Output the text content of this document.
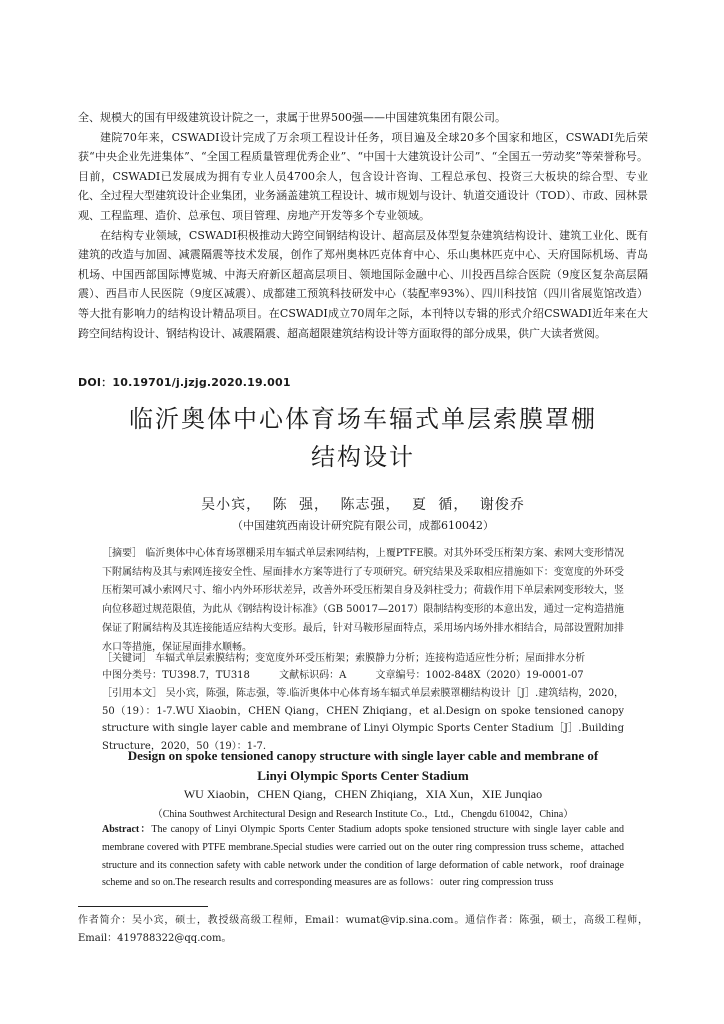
全、规模大的国有甲级建筑设计院之一，隶属于世界500强——中国建筑集团有限公司。

建院70年来，CSWADI设计完成了万余项工程设计任务，项目遍及全球20多个国家和地区，CSWADI先后荣获“中央企业先进集体”、“全国工程质量管理优秀企业”、“中国十大建筑设计公司”、“全国五一劳动奖”等荣誉称号。目前，CSWADI已发展成为拥有专业人员4700余人，包含设计咨询、工程总承包、投资三大板块的综合型、专业化、全过程大型建筑设计企业集团，业务涵盖建筑工程设计、城市规划与设计、轨道交通设计（TOD）、市政、园林景观、工程监理、造价、总承包、项目管理、房地产开发等多个专业领域。

在结构专业领域，CSWADI积极推动大跨空间钢结构设计、超高层及体型复杂建筑结构设计、建筑工业化、既有建筑的改造与加固、减震隔震等技术发展，创作了郑州奥林匹克体育中心、乐山奥林匹克中心、天府国际机场、青岛机场、中国西部国际博览城、中海天府新区超高层项目、领地国际金融中心、川投西昌综合医院（9度区复杂高层隔震）、西昌市人民医院（9度区减震）、成都建工预筑科技研发中心（装配率93%）、四川科技馆（四川省展览馆改造）等大批有影响力的结构设计精品项目。在CSWADI成立70周年之际，本刊特以专辑的形式介绍CSWADI近年来在大跨空间结构设计、钢结构设计、减震隔震、超高超限建筑结构设计等方面取得的部分成果，供广大读者赏阅。

DOI：10.19701/j.jzjg.2020.19.001
临沂奥体中心体育场车辐式单层索膜罩棚
结构设计
吴小宾， 陈 强， 陈志强， 夏 循， 谢俊乔
（中国建筑西南设计研究院有限公司，成都610042）

［摘要］ 临沂奥体中心体育场罩棚采用车辐式单层索网结构，上覆PTFE膜。对其外环受压桁架方案、索网大变形情况下附属结构及其与索网连接安全性、屋面排水方案等进行了专项研究。研究结果及采取相应措施如下：变宽度的外环受压桁架可减小索网尺寸、缩小内外环形状差异，改善外环受压桁架自身及斜柱受力；荷载作用下单层索网变形较大，竖向位移超过规范限值，为此从《钢结构设计标准》（GB 50017—2017）限制结构变形的本意出发，通过一定构造措施保证了附属结构及其连接能适应结构大变形。最后，针对马鞍形屋面特点，采用场内场外排水相结合，局部设置附加排水口等措施，保证屋面排水顺畅。

［关键词］ 车辐式单层索膜结构；变宽度外环受压桁架；索膜静力分析；连接构造适应性分析；屋面排水分析

中图分类号：TU398.7，TU318	文献标识码：A	文章编号：1002-848X（2020）19-0001-07

［引用本文］ 吴小宾，陈强，陈志强，等.临沂奥体中心体育场车辐式单层索膜罩棚结构设计［J］.建筑结构，2020，50（19）：1-7.WU Xiaobin，CHEN Qiang，CHEN Zhiqiang，et al.Design on spoke tensioned canopy structure with single layer cable and membrane of Linyi Olympic Sports Center Stadium［J］.Building Structure，2020，50（19）：1-7.

Design on spoke tensioned canopy structure with single layer cable and membrane of
Linyi Olympic Sports Center Stadium
WU Xiaobin，CHEN Qiang，CHEN Zhiqiang，XIA Xun，XIE Junqiao
（China Southwest Architectural Design and Research Institute Co.，Ltd.，Chengdu 610042，China）

Abstract：The canopy of Linyi Olympic Sports Center Stadium adopts spoke tensioned structure with single layer cable and membrane covered with PTFE membrane.Special studies were carried out on the outer ring compression truss scheme，attached structure and its connection safety with cable network under the condition of large deformation of cable network，roof drainage scheme and so on.The research results and corresponding measures are as follows：outer ring compression truss

作者简介：吴小宾，硕士，教授级高级工程师，Email：wumat@vip.sina.com。通信作者：陈强，硕士，高级工程师，Email：419788322@qq.com。
